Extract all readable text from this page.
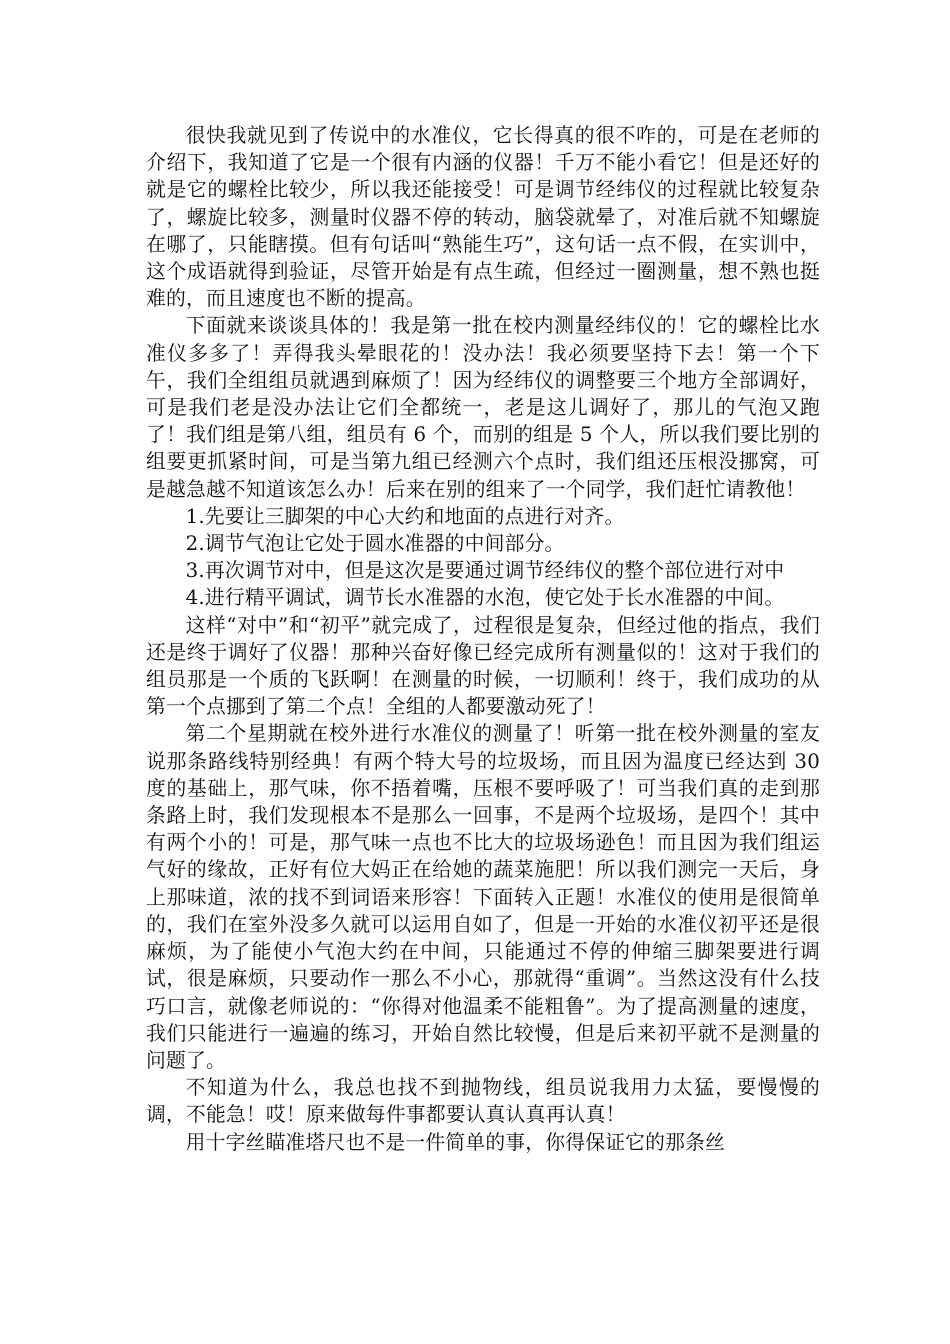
很快我就见到了传说中的水准仪，它长得真的很不咋的，可是在老师的介绍下，我知道了它是一个很有内涵的仪器！千万不能小看它！但是还好的就是它的螺栓比较少，所以我还能接受！可是调节经纬仪的过程就比较复杂了，螺旋比较多，测量时仪器不停的转动，脑袋就晕了，对准后就不知螺旋在哪了，只能瞎摸。但有句话叫“熟能生巧”，这句话一点不假，在实训中，这个成语就得到验证，尽管开始是有点生疏，但经过一圈测量，想不熟也挺难的，而且速度也不断的提高。

下面就来谈谈具体的！我是第一批在校内测量经纬仪的！它的螺栓比水准仪多多了！弄得我头晕眼花的！没办法！我必须要坚持下去！第一个下午，我们全组组员就遇到麻烦了！因为经纬仪的调整要三个地方全部调好，可是我们老是没办法让它们全都统一，老是这儿调好了，那儿的气泡又跑了！我们组是第八组，组员有 6 个，而别的组是 5 个人，所以我们要比别的组要更抓紧时间，可是当第九组已经测六个点时，我们组还压根没挪窝，可是越急越不知道该怎么办！后来在别的组来了一个同学，我们赶忙请教他！

1.先要让三脚架的中心大约和地面的点进行对齐。

2.调节气泡让它处于圆水准器的中间部分。

3.再次调节对中，但是这次是要通过调节经纬仪的整个部位进行对中

4.进行精平调试，调节长水准器的水泡，使它处于长水准器的中间。

这样“对中”和“初平”就完成了，过程很是复杂，但经过他的指点，我们还是终于调好了仪器！那种兴奋好像已经完成所有测量似的！这对于我们的组员那是一个质的飞跃啊！在测量的时候，一切顺利！终于，我们成功的从第一个点挪到了第二个点！全组的人都要激动死了！

第二个星期就在校外进行水准仪的测量了！听第一批在校外测量的室友说那条路线特别经典！有两个特大号的垃圾场，而且因为温度已经达到 30 度的基础上，那气味，你不捂着嘴，压根不要呼吸了！可当我们真的走到那条路上时，我们发现根本不是那么一回事，不是两个垃圾场，是四个！其中有两个小的！可是，那气味一点也不比大的垃圾场逊色！而且因为我们组运气好的缘故，正好有位大妈正在给她的蔬菜施肥！所以我们测完一天后，身上那味道，浓的找不到词语来形容！下面转入正题！水准仪的使用是很简单的，我们在室外没多久就可以运用自如了，但是一开始的水准仪初平还是很麻烦，为了能使小气泡大约在中间，只能通过不停的伸缩三脚架要进行调试，很是麻烦，只要动作一那么不小心，那就得“重调”。当然这没有什么技巧口言，就像老师说的：“你得对他温柔不能粗鲁”。为了提高测量的速度，我们只能进行一遍遍的练习，开始自然比较慢，但是后来初平就不是测量的问题了。

不知道为什么，我总也找不到抛物线，组员说我用力太猛，要慢慢的调，不能急！哎！原来做每件事都要认真认真再认真！

用十字丝瞄准塔尺也不是一件简单的事，你得保证它的那条丝
